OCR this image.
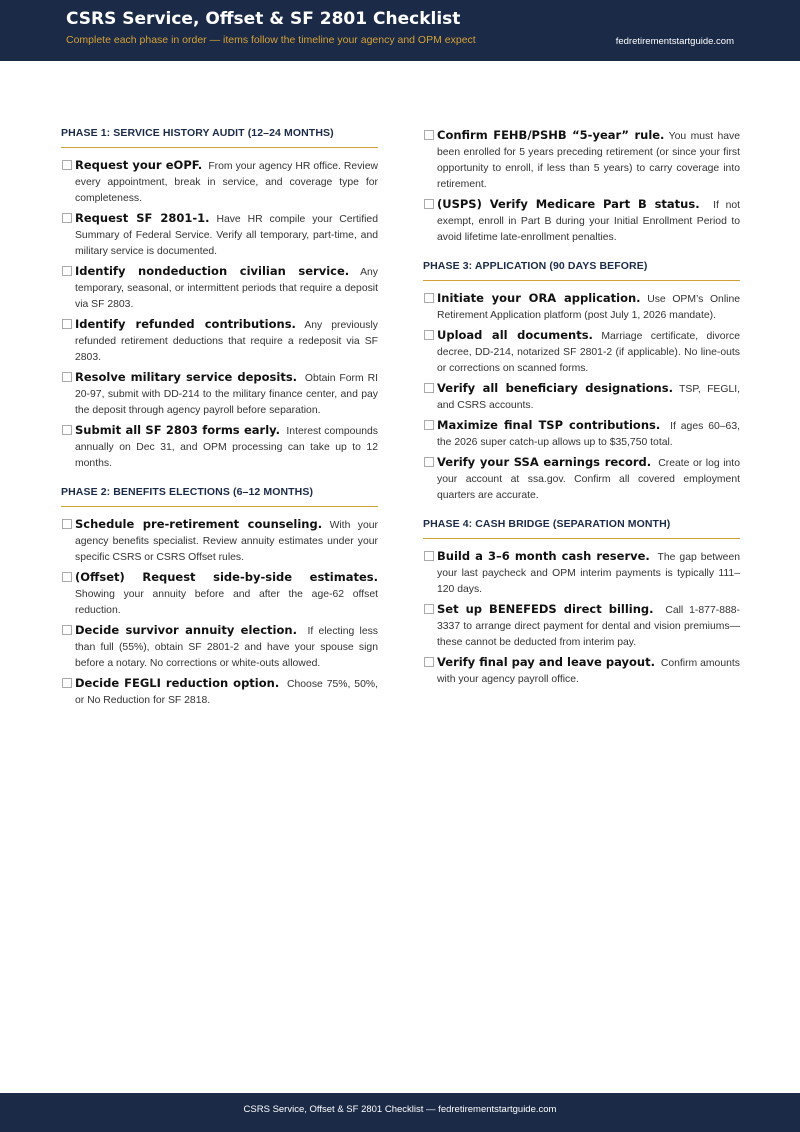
CSRS Service, Offset & SF 2801 Checklist
Complete each phase in order — items follow the timeline your agency and OPM expect	fedretirementstartguide.com
PHASE 1: SERVICE HISTORY AUDIT (12–24 MONTHS)
Request your eOPF. From your agency HR office. Review every appointment, break in service, and coverage type for completeness.
Request SF 2801-1. Have HR compile your Certified Summary of Federal Service. Verify all temporary, part-time, and military service is documented.
Identify nondeduction civilian service. Any temporary, seasonal, or intermittent periods that require a deposit via SF 2803.
Identify refunded contributions. Any previously refunded retirement deductions that require a redeposit via SF 2803.
Resolve military service deposits. Obtain Form RI 20-97, submit with DD-214 to the military finance center, and pay the deposit through agency payroll before separation.
Submit all SF 2803 forms early. Interest compounds annually on Dec 31, and OPM processing can take up to 12 months.
PHASE 2: BENEFITS ELECTIONS (6–12 MONTHS)
Schedule pre-retirement counseling. With your agency benefits specialist. Review annuity estimates under your specific CSRS or CSRS Offset rules.
(Offset) Request side-by-side estimates. Showing your annuity before and after the age-62 offset reduction.
Decide survivor annuity election. If electing less than full (55%), obtain SF 2801-2 and have your spouse sign before a notary. No corrections or white-outs allowed.
Decide FEGLI reduction option. Choose 75%, 50%, or No Reduction for SF 2818.
Confirm FEHB/PSHB “5-year” rule. You must have been enrolled for 5 years preceding retirement (or since your first opportunity to enroll, if less than 5 years) to carry coverage into retirement.
(USPS) Verify Medicare Part B status. If not exempt, enroll in Part B during your Initial Enrollment Period to avoid lifetime late-enrollment penalties.
PHASE 3: APPLICATION (90 DAYS BEFORE)
Initiate your ORA application. Use OPM’s Online Retirement Application platform (post July 1, 2026 mandate).
Upload all documents. Marriage certificate, divorce decree, DD-214, notarized SF 2801-2 (if applicable). No line-outs or corrections on scanned forms.
Verify all beneficiary designations. TSP, FEGLI, and CSRS accounts.
Maximize final TSP contributions. If ages 60–63, the 2026 super catch-up allows up to $35,750 total.
Verify your SSA earnings record. Create or log into your account at ssa.gov. Confirm all covered employment quarters are accurate.
PHASE 4: CASH BRIDGE (SEPARATION MONTH)
Build a 3–6 month cash reserve. The gap between your last paycheck and OPM interim payments is typically 111–120 days.
Set up BENEFEDS direct billing. Call 1-877-888-3337 to arrange direct payment for dental and vision premiums—these cannot be deducted from interim pay.
Verify final pay and leave payout. Confirm amounts with your agency payroll office.
CSRS Service, Offset & SF 2801 Checklist — fedretirementstartguide.com
